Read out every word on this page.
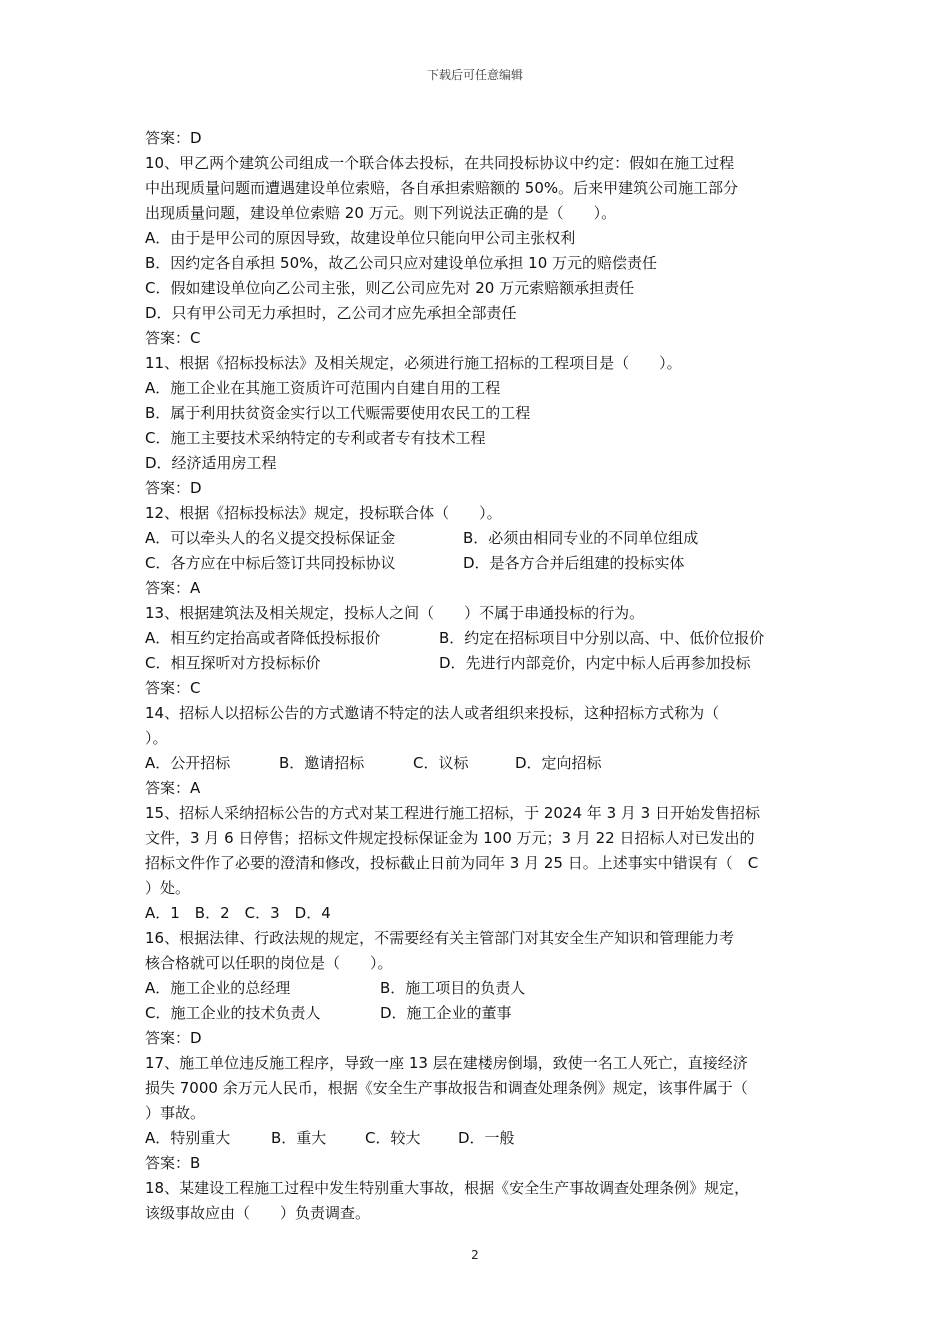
下载后可任意编辑
答案：D
10、甲乙两个建筑公司组成一个联合体去投标，在共同投标协议中约定：假如在施工过程
中出现质量问题而遭遇建设单位索赔，各自承担索赔额的 50%。后来甲建筑公司施工部分
出现质量问题，建设单位索赔 20 万元。则下列说法正确的是（　　）。
A．由于是甲公司的原因导致，故建设单位只能向甲公司主张权利
B．因约定各自承担 50%，故乙公司只应对建设单位承担 10 万元的赔偿责任
C．假如建设单位向乙公司主张，则乙公司应先对 20 万元索赔额承担责任
D．只有甲公司无力承担时，乙公司才应先承担全部责任
答案：C
11、根据《招标投标法》及相关规定，必须进行施工招标的工程项目是（　　）。
A．施工企业在其施工资质许可范围内自建自用的工程
B．属于利用扶贫资金实行以工代赈需要使用农民工的工程
C．施工主要技术采纳特定的专利或者专有技术工程
D．经济适用房工程
答案：D
12、根据《招标投标法》规定，投标联合体（　　）。
A．可以牵头人的名义提交投标保证金	B．必须由相同专业的不同单位组成
C．各方应在中标后签订共同投标协议	D．是各方合并后组建的投标实体
答案：A
13、根据建筑法及相关规定，投标人之间（　　）不属于串通投标的行为。
A．相互约定抬高或者降低投标报价	B．约定在招标项目中分别以高、中、低价位报价
C．相互探听对方投标标价	D．先进行内部竞价，内定中标人后再参加投标
答案：C
14、招标人以招标公告的方式邀请不特定的法人或者组织来投标，这种招标方式称为（
）。
A．公开招标	B．邀请招标	C．议标	D．定向招标
答案：A
15、招标人采纳招标公告的方式对某工程进行施工招标，于 2024 年 3 月 3 日开始发售招标
文件，3 月 6 日停售；招标文件规定投标保证金为 100 万元；3 月 22 日招标人对已发出的
招标文件作了必要的澄清和修改，投标截止日前为同年 3 月 25 日。上述事实中错误有（　C
）处。
A．1　B．2　C．3　D．4
16、根据法律、行政法规的规定，不需要经有关主管部门对其安全生产知识和管理能力考
核合格就可以任职的岗位是（　　）。
A．施工企业的总经理	B．施工项目的负责人
C．施工企业的技术负责人	D．施工企业的董事
答案：D
17、施工单位违反施工程序，导致一座 13 层在建楼房倒塌，致使一名工人死亡，直接经济
损失 7000 余万元人民币，根据《安全生产事故报告和调查处理条例》规定，该事件属于（
）事故。
A．特别重大	B．重大	C．较大	D．一般
答案：B
18、某建设工程施工过程中发生特别重大事故，根据《安全生产事故调查处理条例》规定，
该级事故应由（　　）负责调查。
2
